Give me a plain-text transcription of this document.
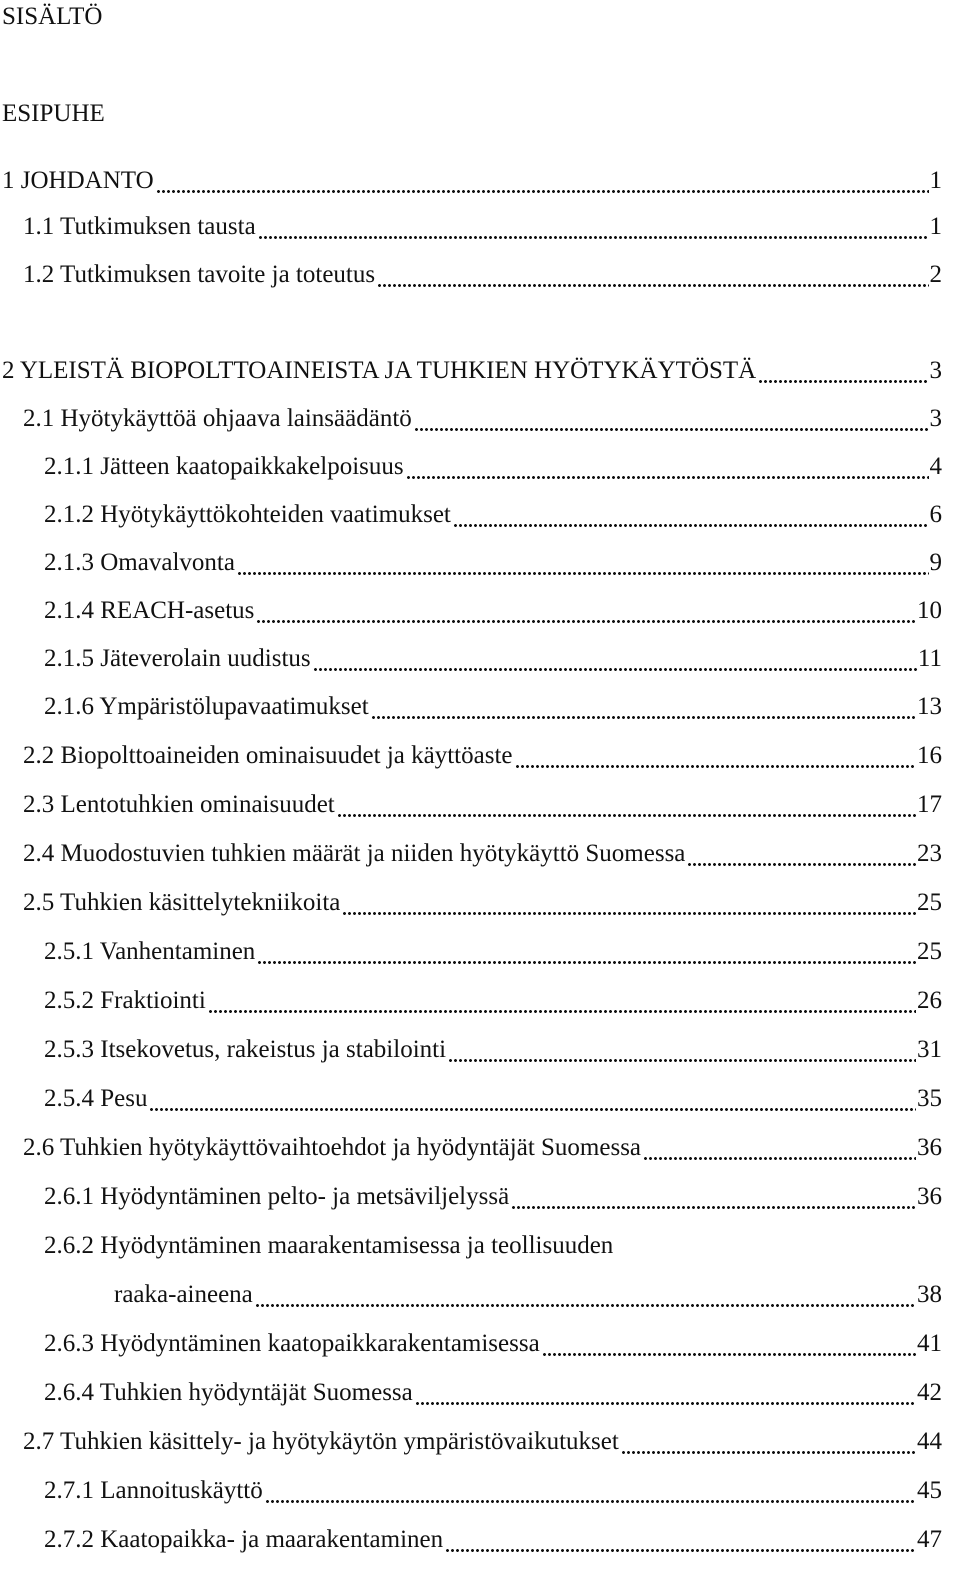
SISÄLTÖ
ESIPUHE
1 JOHDANTO	1
1.1 Tutkimuksen tausta	1
1.2 Tutkimuksen tavoite ja toteutus	2
2 YLEISTÄ BIOPOLTTOAINEISTA JA TUHKIEN HYÖTYKÄYTÖSTÄ	3
2.1 Hyötykäyttöä ohjaava lainsäädäntö	3
2.1.1 Jätteen kaatopaikkakelpoisuus	4
2.1.2 Hyötykäyttökohteiden vaatimukset	6
2.1.3 Omavalvonta	9
2.1.4 REACH-asetus	10
2.1.5 Jäteverolain uudistus	11
2.1.6 Ympäristölupavaatimukset	13
2.2 Biopolttoaineiden ominaisuudet ja käyttöaste	16
2.3 Lentotuhkien ominaisuudet	17
2.4 Muodostuvien tuhkien määrät ja niiden hyötykäyttö Suomessa	23
2.5 Tuhkien käsittelytekniikoita	25
2.5.1 Vanhentaminen	25
2.5.2 Fraktiointi	26
2.5.3 Itsekovetus, rakeistus ja stabilointi	31
2.5.4 Pesu	35
2.6 Tuhkien hyötykäyttövaihtoehdot ja hyödyntäjät Suomessa	36
2.6.1 Hyödyntäminen pelto- ja metsäviljelyssä	36
2.6.2 Hyödyntäminen maarakentamisessa ja teollisuuden
raaka-aineena	38
2.6.3 Hyödyntäminen kaatopaikkarakentamisessa	41
2.6.4 Tuhkien hyödyntäjät Suomessa	42
2.7 Tuhkien käsittely- ja hyötykäytön ympäristövaikutukset	44
2.7.1 Lannoituskäyttö	45
2.7.2 Kaatopaikka- ja maarakentaminen	47
